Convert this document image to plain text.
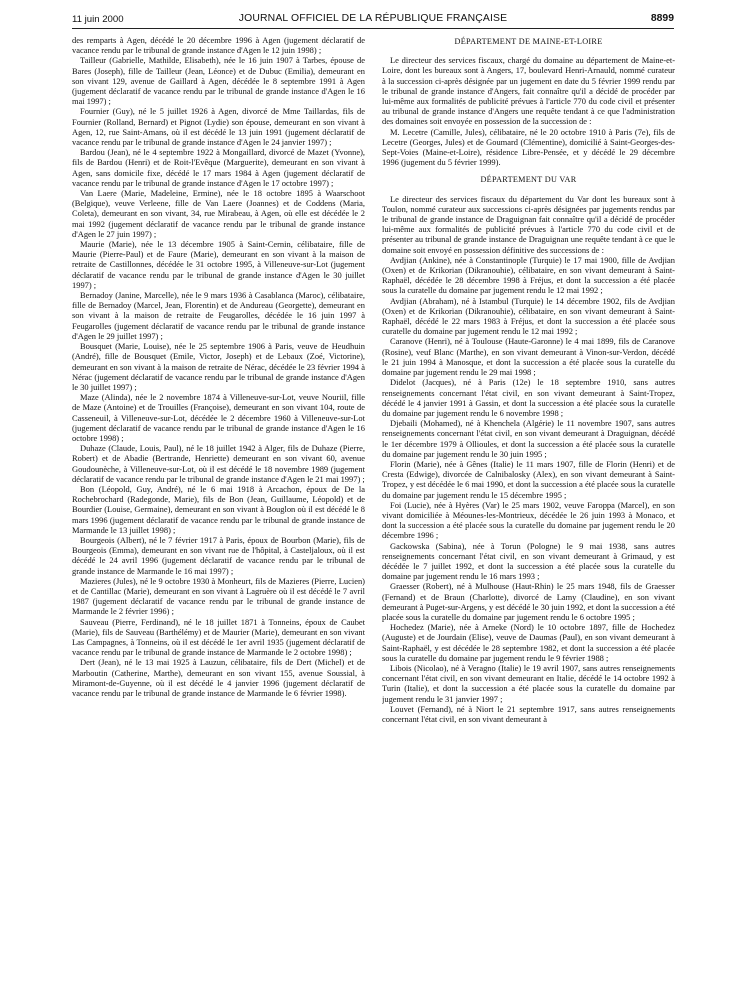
11 juin 2000	JOURNAL OFFICIEL DE LA RÉPUBLIQUE FRANÇAISE	8899

des remparts à Agen, décédé le 20 décembre 1996 à Agen (jugement déclaratif de vacance rendu par le tribunal de grande instance d'Agen le 12 juin 1998) ;

Tailleur (Gabrielle, Mathilde, Elisabeth), née le 16 juin 1907 à Tarbes, épouse de Bares (Joseph), fille de Tailleur (Jean, Léonce) et de Dubuc (Emilia), demeurant en son vivant 129, avenue de Gaillard à Agen, décédée le 8 septembre 1991 à Agen (jugement déclaratif de vacance rendu par le tribunal de grande instance d'Agen le 16 mai 1997) ;

Fournier (Guy), né le 5 juillet 1926 à Agen, divorcé de Mme Taillardas, fils de Fournier (Rolland, Bernard) et Pignot (Lydie) son épouse, demeurant en son vivant à Agen, 12, rue Saint-Amans, où il est décédé le 13 juin 1991 (jugement déclaratif de vacance rendu par le tribunal de grande instance d'Agen le 24 janvier 1997) ;

Bardou (Jean), né le 4 septembre 1922 à Mongaillard, divorcé de Mazet (Yvonne), fils de Bardou (Henri) et de Roit-l'Evêque (Marguerite), demeurant en son vivant à Agen, sans domicile fixe, décédé le 17 mars 1984 à Agen (jugement déclaratif de vacance rendu par le tribunal de grande instance d'Agen le 17 octobre 1997) ;

Van Laere (Marie, Madeleine, Ermine), née le 18 octobre 1895 à Waarschoot (Belgique), veuve Verleene, fille de Van Laere (Joannes) et de Coddens (Maria, Coleta), demeurant en son vivant, 34, rue Mirabeau, à Agen, où elle est décédée le 2 mai 1992 (jugement déclaratif de vacance rendu par le tribunal de grande instance d'Agen le 27 juin 1997) ;

Maurie (Marie), née le 13 décembre 1905 à Saint-Cernin, célibataire, fille de Maurie (Pierre-Paul) et de Faure (Marie), demeurant en son vivant à la maison de retraite de Castillonnes, décédée le 31 octobre 1995, à Villeneuve-sur-Lot (jugement déclaratif de vacance rendu par le tribunal de grande instance d'Agen le 30 juillet 1997) ;

Bernadoy (Janine, Marcelle), née le 9 mars 1936 à Casablanca (Maroc), célibataire, fille de Bernadoy (Marcel, Jean, Florentin) et de Andureau (Georgette), demeurant en son vivant à la maison de retraite de Feugarolles, décédée le 16 juin 1997 à Feugarolles (jugement déclaratif de vacance rendu par le tribunal de grande instance d'Agen le 29 juillet 1997) ;

Bousquet (Marie, Louise), née le 25 septembre 1906 à Paris, veuve de Heudhuin (André), fille de Bousquet (Emile, Victor, Joseph) et de Lebaux (Zoé, Victorine), demeurant en son vivant à la maison de retraite de Nérac, décédée le 23 février 1994 à Nérac (jugement déclaratif de vacance rendu par le tribunal de grande instance d'Agen le 30 juillet 1997) ;

Maze (Alinda), née le 2 novembre 1874 à Villeneuve-sur-Lot, veuve Nouriil, fille de Maze (Antoine) et de Trouilles (Françoise), demeurant en son vivant 104, route de Casseneuil, à Villeneuve-sur-Lot, décédée le 2 décembre 1960 à Villeneuve-sur-Lot (jugement déclaratif de vacance rendu par le tribunal de grande instance d'Agen le 16 octobre 1998) ;

Duhaze (Claude, Louis, Paul), né le 18 juillet 1942 à Alger, fils de Duhaze (Pierre, Robert) et de Abadie (Bertrande, Henriette) demeurant en son vivant 60, avenue Goudounèche, à Villeneuve-sur-Lot, où il est décédé le 18 novembre 1989 (jugement déclaratif de vacance rendu par le tribunal de grande instance d'Agen le 21 mai 1997) ;

Bon (Léopold, Guy, André), né le 6 mai 1918 à Arcachon, époux de De la Rochebrochard (Radegonde, Marie), fils de Bon (Jean, Guillaume, Léopold) et de Bourdier (Louise, Germaine), demeurant en son vivant à Bouglon où il est décédé le 8 mars 1996 (jugement déclaratif de vacance rendu par le tribunal de grande instance de Marmande le 13 juillet 1998) ;

Bourgeois (Albert), né le 7 février 1917 à Paris, époux de Bourbon (Marie), fils de Bourgeois (Emma), demeurant en son vivant rue de l'hôpital, à Casteljaloux, où il est décédé le 24 avril 1996 (jugement déclaratif de vacance rendu par le tribunal de grande instance de Marmande le 16 mai 1997) ;

Mazieres (Jules), né le 9 octobre 1930 à Monheurt, fils de Mazieres (Pierre, Lucien) et de Cantillac (Marie), demeurant en son vivant à Lagruère où il est décédé le 7 avril 1987 (jugement déclaratif de vacance rendu par le tribunal de grande instance de Marmande le 2 février 1996) ;

Sauveau (Pierre, Ferdinand), né le 18 juillet 1871 à Tonneins, époux de Caubet (Marie), fils de Sauveau (Barthélémy) et de Maurier (Marie), demeurant en son vivant Las Campagnes, à Tonneins, où il est décédé le 1er avril 1935 (jugement déclaratif de vacance rendu par le tribunal de grande instance de Marmande le 2 octobre 1998) ;

Dert (Jean), né le 13 mai 1925 à Lauzun, célibataire, fils de Dert (Michel) et de Marboutin (Catherine, Marthe), demeurant en son vivant 155, avenue Soussial, à Miramont-de-Guyenne, où il est décédé le 4 janvier 1996 (jugement déclaratif de vacance rendu par le tribunal de grande instance de Marmande le 6 février 1998).

DÉPARTEMENT DE MAINE-ET-LOIRE

Le directeur des services fiscaux, chargé du domaine au département de Maine-et-Loire, dont les bureaux sont à Angers, 17, boulevard Henri-Arnauld, nommé curateur à la succession ci-après désignée par un jugement en date du 5 février 1999 rendu par le tribunal de grande instance d'Angers, fait connaître qu'il a décidé de procéder par lui-même aux formalités de publicité prévues à l'article 770 du code civil et présenter au tribunal de grande instance d'Angers une requête tendant à ce que l'administration des domaines soit envoyée en possession de la succession de :

M. Lecetre (Camille, Jules), célibataire, né le 20 octobre 1910 à Paris (7e), fils de Lecetre (Georges, Jules) et de Goumard (Clémentine), domicilié à Saint-Georges-des-Sept-Voies (Maine-et-Loire), résidence Libre-Pensée, et y décédé le 29 décembre 1996 (jugement du 5 février 1999).

DÉPARTEMENT DU VAR

Le directeur des services fiscaux du département du Var dont les bureaux sont à Toulon, nommé curateur aux successions ci-après désignées par jugements rendus par le tribunal de grande instance de Draguignan fait connaître qu'il a décidé de procéder lui-même aux formalités de publicité prévues à l'article 770 du code civil et de présenter au tribunal de grande instance de Draguignan une requête tendant à ce que le domaine soit envoyé en possession définitive des successions de :

Avdjian (Ankine), née à Constantinople (Turquie) le 17 mai 1900, fille de Avdjian (Oxen) et de Krikorian (Dikranouhie), célibataire, en son vivant demeurant à Saint-Raphaël, décédée le 28 décembre 1998 à Fréjus, et dont la succession a été placée sous la curatelle du domaine par jugement rendu le 12 mai 1992 ;

Avdjian (Abraham), né à Istambul (Turquie) le 14 décembre 1902, fils de Avdjian (Oxen) et de Krikorian (Dikranouhie), célibataire, en son vivant demeurant à Saint-Raphaël, décédé le 22 mars 1983 à Fréjus, et dont la succession a été placée sous curatelle du domaine par jugement rendu le 12 mai 1992 ;

Caranove (Henri), né à Toulouse (Haute-Garonne) le 4 mai 1899, fils de Caranove (Rosine), veuf Blanc (Marthe), en son vivant demeurant à Vinon-sur-Verdon, décédé le 21 juin 1994 à Manosque, et dont la succession a été placée sous la curatelle du domaine par jugement rendu le 29 mai 1998 ;

Didelot (Jacques), né à Paris (12e) le 18 septembre 1910, sans autres renseignements concernant l'état civil, en son vivant demeurant à Saint-Tropez, décédé le 4 janvier 1991 à Gassin, et dont la succession a été placée sous la curatelle du domaine par jugement rendu le 6 novembre 1998 ;

Djebaili (Mohamed), né à Khenchela (Algérie) le 11 novembre 1907, sans autres renseignements concernant l'état civil, en son vivant demeurant à Draguignan, décédé le 1er décembre 1979 à Ollioules, et dont la succession a été placée sous la curatelle du domaine par jugement rendu le 30 juin 1995 ;

Florin (Marie), née à Gênes (Italie) le 11 mars 1907, fille de Florin (Henri) et de Cresta (Edwige), divorcée de Calnibalosky (Alex), en son vivant demeurant à Saint-Tropez, y est décédée le 6 mai 1990, et dont la succession a été placée sous la curatelle du domaine par jugement rendu le 15 décembre 1995 ;

Foi (Lucie), née à Hyères (Var) le 25 mars 1902, veuve Faroppa (Marcel), en son vivant domiciliée à Méounes-les-Montrieux, décédée le 26 juin 1993 à Monaco, et dont la succession a été placée sous la curatelle du domaine par jugement rendu le 20 décembre 1996 ;

Gackowska (Sabina), née à Torun (Pologne) le 9 mai 1938, sans autres renseignements concernant l'état civil, en son vivant demeurant à Grimaud, y est décédée le 7 juillet 1992, et dont la succession a été placée sous la curatelle du domaine par jugement rendu le 16 mars 1993 ;

Graesser (Robert), né à Mulhouse (Haut-Rhin) le 25 mars 1948, fils de Graesser (Fernand) et de Braun (Charlotte), divorcé de Lamy (Claudine), en son vivant demeurant à Puget-sur-Argens, y est décédé le 30 juin 1992, et dont la succession a été placée sous la curatelle du domaine par jugement rendu le 6 octobre 1995 ;

Hochedez (Marie), née à Arneke (Nord) le 10 octobre 1897, fille de Hochedez (Auguste) et de Jourdain (Elise), veuve de Daumas (Paul), en son vivant demeurant à Saint-Raphaël, y est décédée le 28 septembre 1982, et dont la succession a été placée sous la curatelle du domaine par jugement rendu le 9 février 1988 ;

Libois (Nicolao), né à Veragno (Italie) le 19 avril 1907, sans autres renseignements concernant l'état civil, en son vivant demeurant en Italie, décédé le 14 octobre 1992 à Turin (Italie), et dont la succession a été placée sous la curatelle du domaine par jugement rendu le 31 janvier 1997 ;

Louvet (Fernand), né à Niort le 21 septembre 1917, sans autres renseignements concernant l'état civil, en son vivant demeurant à
